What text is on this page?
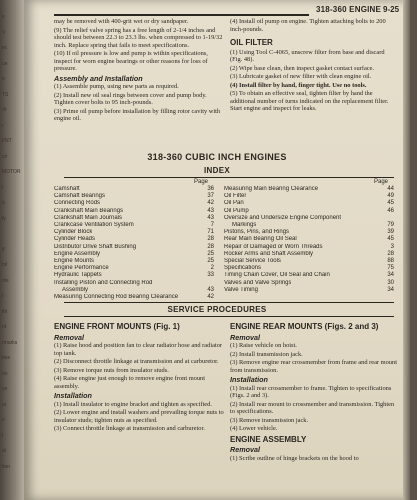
s
V
ec
ue
e
TS
rfr
r
FNT
cir
MOTOR
l
a
fy
if
ml
nts
t
thi
nt
rmarks
bes
on
ve
ur
o
I
al
tion
318-360 ENGINE 9-25

may be removed with 400-grit wet or dry sandpaper.

(9) The relief valve spring has a free length of 2-1/4 inches and should test between 22.3 to 23.3 lbs. when compressed to 1-19/32 inch. Replace spring that fails to meet specifications.

(10) If oil pressure is low and pump is within specifications, inspect for worn engine bearings or other reasons for loss of pressure.

Assembly and Installation

(1) Assemble pump, using new parts as required.

(2) Install new oil seal rings between cover and pump body. Tighten cover bolts to 95 inch-pounds.

(3) Prime oil pump before installation by filling rotor cavity with engine oil.

(4) Install oil pump on engine. Tighten attaching bolts to 200 inch-pounds.

OIL FILTER

(1) Using Tool C-4065, unscrew filter from base and discard (Fig. 48).

(2) Wipe base clean, then inspect gasket contact surface.

(3) Lubricate gasket of new filter with clean engine oil.

(4) Install filter by hand, finger tight. Use no tools.

(5) To obtain an effective seal, tighten filter by hand the additional number of turns indicated on the replacement filter. Start engine and inspect for leaks.

318-360 CUBIC INCH ENGINES
INDEX
Page	Page
Camshaft	36
Camshaft Bearings	37
Connecting Rods	42
Crankshaft Main Bearings	43
Crankshaft Main Journals	43
Crankcase Ventilation System	7
Cylinder Block	71
Cylinder Heads	28
Distributor Drive Shaft Bushing	28
Engine Assembly	25
Engine Mounts	25
Engine Performance	2
Hydraulic Tappets	33
Installing Piston and Connecting Rod
Assembly	43
Measuring Connecting Rod Bearing Clearance	42
Measuring Main Bearing Clearance	44
Oil Filter	49
Oil Pan	45
Oil Pump	46
Oversize and Undersize Engine Component
Markings	79
Pistons, Pins, and Rings	39
Rear Main Bearing Oil Seal	45
Repair of Damaged or Worn Threads	3
Rocker Arms and Shaft Assembly	28
Special Service Tools	88
Specifications	75
Timing Chain Cover, Oil Seal and Chain	34
Valves and Valve Springs	30
Valve Timing	34
SERVICE PROCEDURES
ENGINE FRONT MOUNTS (Fig. 1)
Removal

(1) Raise hood and position fan to clear radiator hose and radiator top tank.

(2) Disconnect throttle linkage at transmission and at carburetor.

(3) Remove torque nuts from insulator studs.

(4) Raise engine just enough to remove engine front mount assembly.

Installation

(1) Install insulator to engine bracket and tighten as specified.

(2) Lower engine and install washers and prevailing torque nuts to insulator studs; tighten nuts as specified.

(3) Connect throttle linkage at transmission and carburetor.

ENGINE REAR MOUNTS (Figs. 2 and 3)
Removal

(1) Raise vehicle on hoist.

(2) Install transmission jack.

(3) Remove engine rear crossmember from frame and rear mount from transmission.

Installation

(1) Install rear crossmember to frame. Tighten to specifications (Figs. 2 and 3).

(2) Install rear mount to crossmember and transmission. Tighten to specifications.

(3) Remove transmission jack.

(4) Lower vehicle.

ENGINE ASSEMBLY
Removal

(1) Scribe outline of hinge brackets on the hood to
